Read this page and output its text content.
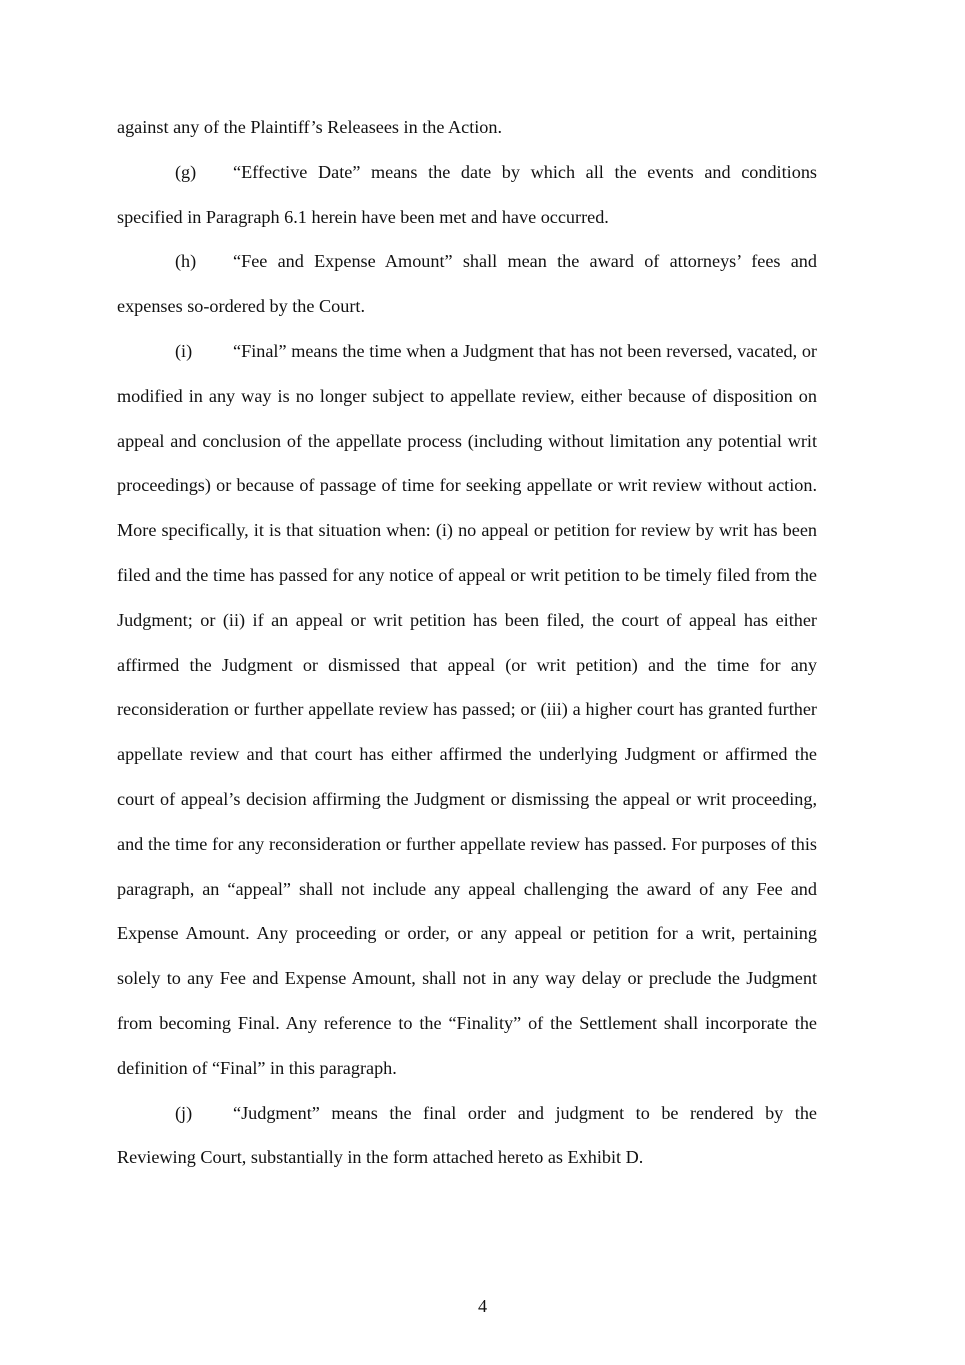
against any of the Plaintiff’s Releasees in the Action.

(g) “Effective Date” means the date by which all the events and conditions specified in Paragraph 6.1 herein have been met and have occurred.

(h) “Fee and Expense Amount” shall mean the award of attorneys’ fees and expenses so-ordered by the Court.

(i) “Final” means the time when a Judgment that has not been reversed, vacated, or modified in any way is no longer subject to appellate review, either because of disposition on appeal and conclusion of the appellate process (including without limitation any potential writ proceedings) or because of passage of time for seeking appellate or writ review without action. More specifically, it is that situation when: (i) no appeal or petition for review by writ has been filed and the time has passed for any notice of appeal or writ petition to be timely filed from the Judgment; or (ii) if an appeal or writ petition has been filed, the court of appeal has either affirmed the Judgment or dismissed that appeal (or writ petition) and the time for any reconsideration or further appellate review has passed; or (iii) a higher court has granted further appellate review and that court has either affirmed the underlying Judgment or affirmed the court of appeal’s decision affirming the Judgment or dismissing the appeal or writ proceeding, and the time for any reconsideration or further appellate review has passed. For purposes of this paragraph, an “appeal” shall not include any appeal challenging the award of any Fee and Expense Amount. Any proceeding or order, or any appeal or petition for a writ, pertaining solely to any Fee and Expense Amount, shall not in any way delay or preclude the Judgment from becoming Final. Any reference to the “Finality” of the Settlement shall incorporate the definition of “Final” in this paragraph.

(j) “Judgment” means the final order and judgment to be rendered by the Reviewing Court, substantially in the form attached hereto as Exhibit D.

4
